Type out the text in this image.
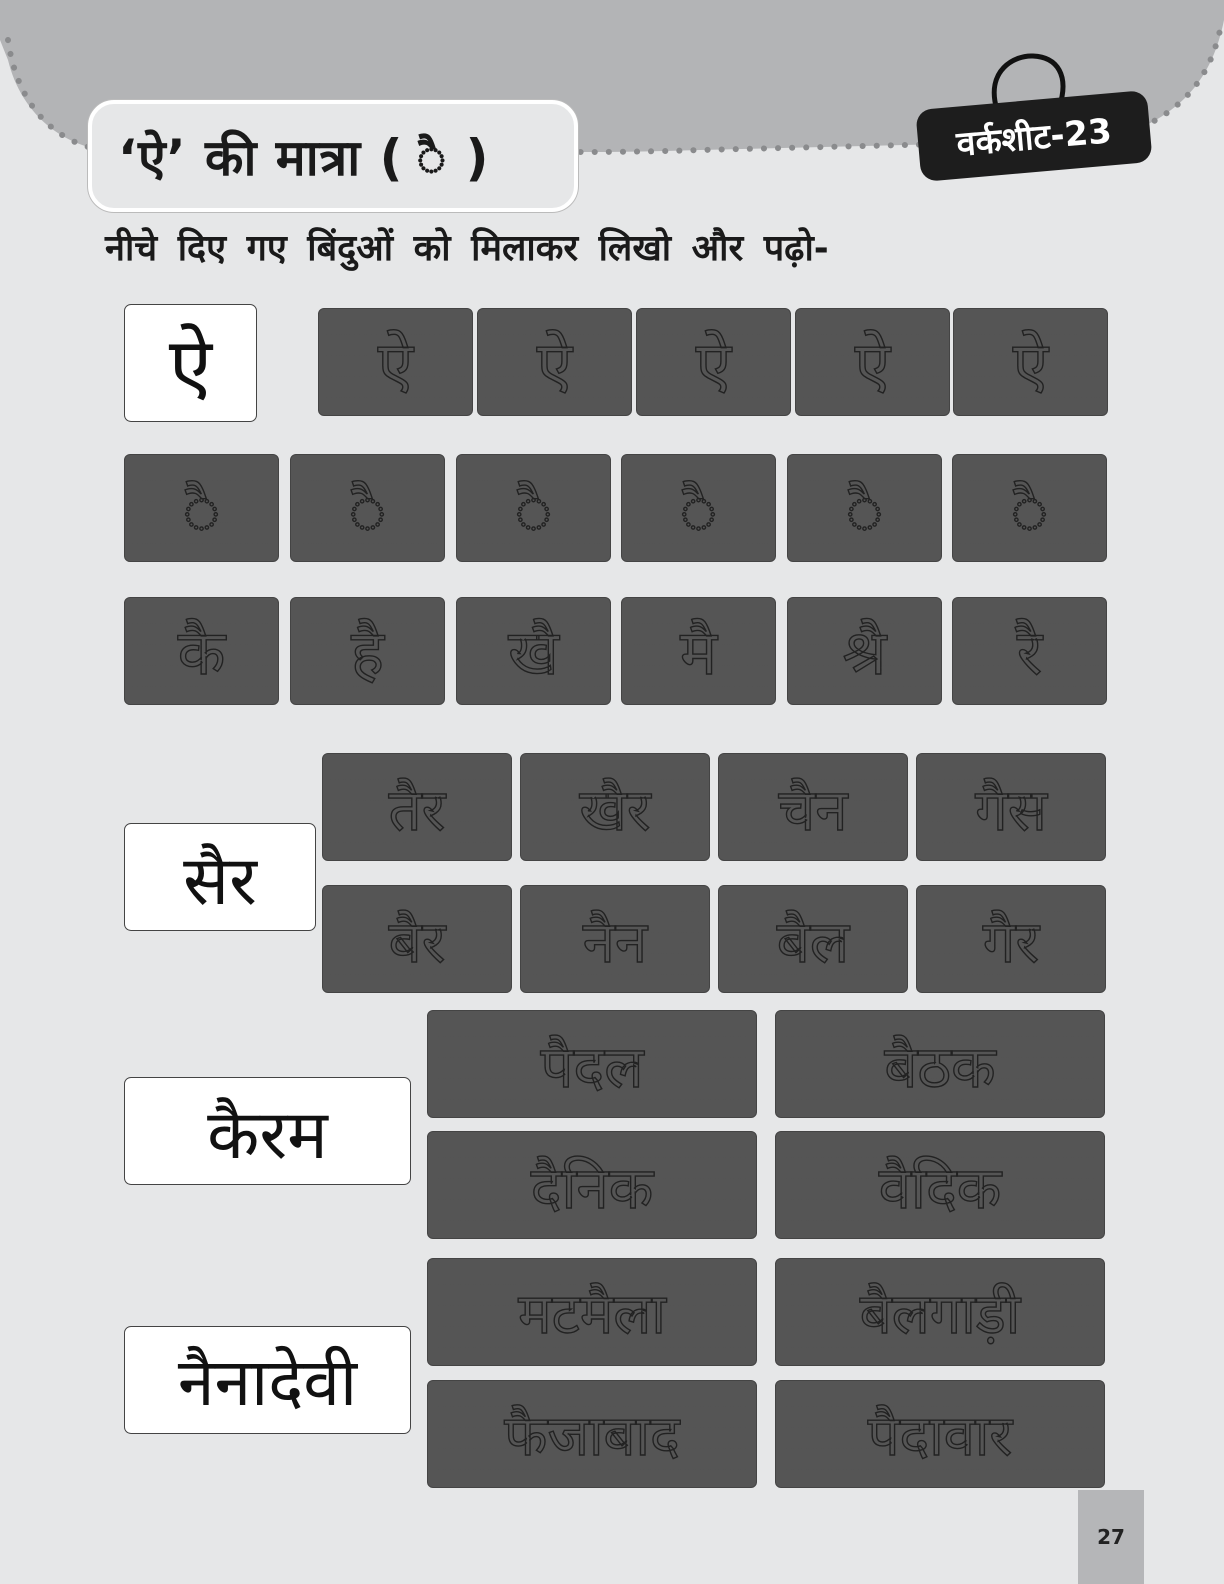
‘ऐ’ की मात्रा ( ै )	वर्कशीट-23
नीचे दिए गए बिंदुओं को मिलाकर लिखो और पढ़ो-
ऐ
सैर
कैरम
नैनादेवी
27
ऐ	ऐ	ऐ	ऐ	ऐ
ै	ै	ै	ै	ै	ै
कै	है	खै	मै	श्रै	रै
तैर	खैर	चैन	गैस
बैर	नैन	बैल	गैर
पैदल	बैठक
दैनिक	वैदिक
मटमैला	बैलगाड़ी
फैजाबाद	पैदावार
